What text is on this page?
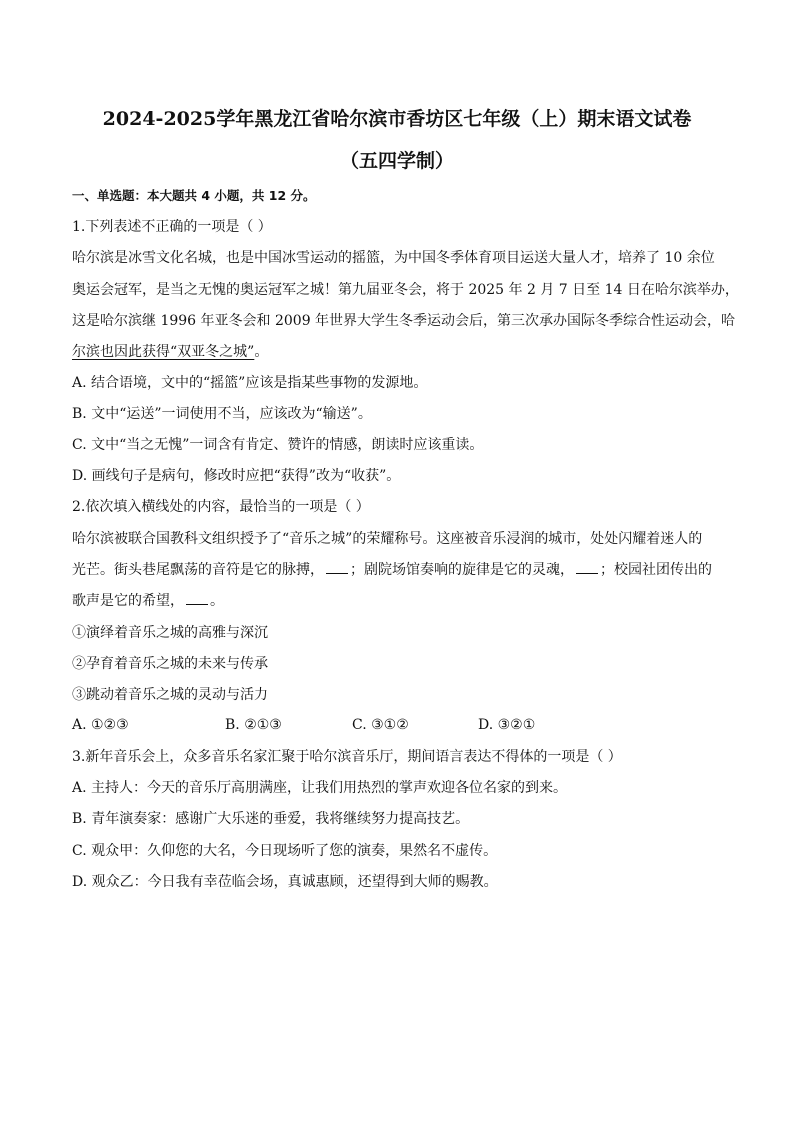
2024-2025学年黑龙江省哈尔滨市香坊区七年级（上）期末语文试卷
（五四学制）
一、单选题：本大题共 4 小题，共 12 分。
1.下列表述不正确的一项是（ ）
哈尔滨是冰雪文化名城，也是中国冰雪运动的摇篮，为中国冬季体育项目运送大量人才，培养了 10 余位
奥运会冠军，是当之无愧的奥运冠军之城！第九届亚冬会，将于 2025 年 2 月 7 日至 14 日在哈尔滨举办，
这是哈尔滨继 1996 年亚冬会和 2009 年世界大学生冬季运动会后，第三次承办国际冬季综合性运动会，哈
尔滨也因此获得“双亚冬之城”。
A. 结合语境，文中的“摇篮”应该是指某些事物的发源地。
B. 文中“运送”一词使用不当，应该改为“输送”。
C. 文中“当之无愧”一词含有肯定、赞许的情感，朗读时应该重读。
D. 画线句子是病句，修改时应把“获得”改为“收获”。
2.依次填入横线处的内容，最恰当的一项是（ ）
哈尔滨被联合国教科文组织授予了“音乐之城”的荣耀称号。这座被音乐浸润的城市，处处闪耀着迷人的
光芒。街头巷尾飘荡的音符是它的脉搏， ；剧院场馆奏响的旋律是它的灵魂， ；校园社团传出的
歌声是它的希望， 。
①演绎着音乐之城的高雅与深沉
②孕育着音乐之城的未来与传承
③跳动着音乐之城的灵动与活力
A. ①②③	B. ②①③	C. ③①②	D. ③②①
3.新年音乐会上，众多音乐名家汇聚于哈尔滨音乐厅，期间语言表达不得体的一项是（ ）
A. 主持人：今天的音乐厅高朋满座，让我们用热烈的掌声欢迎各位名家的到来。
B. 青年演奏家：感谢广大乐迷的垂爱，我将继续努力提高技艺。
C. 观众甲：久仰您的大名，今日现场听了您的演奏，果然名不虚传。
D. 观众乙：今日我有幸莅临会场，真诚惠顾，还望得到大师的赐教。
